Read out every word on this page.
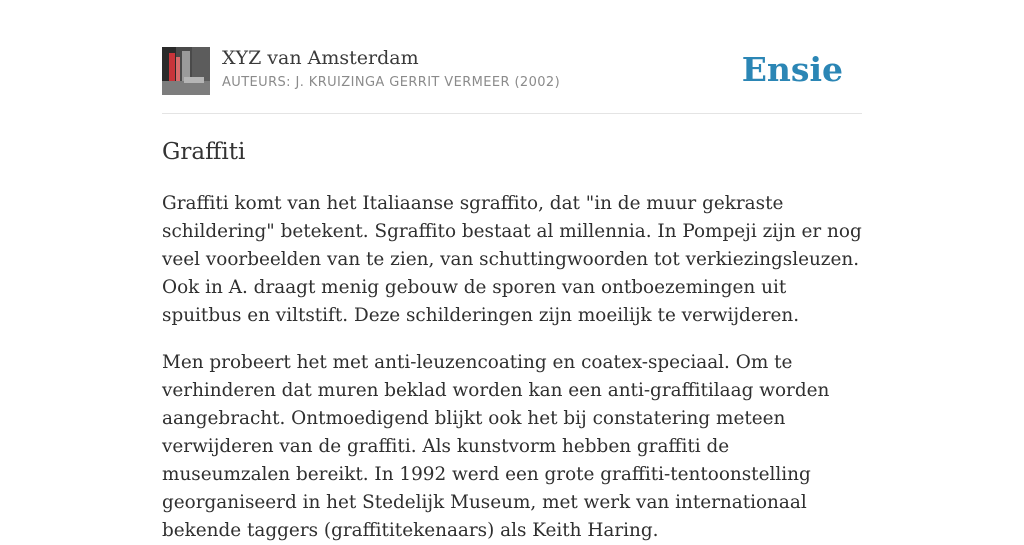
XYZ van Amsterdam
AUTEURS: J. KRUIZINGA GERRIT VERMEER (2002)	Ensie
Graffiti

Graffiti komt van het Italiaanse sgraffito, dat "in de muur gekraste schildering" betekent. Sgraffito bestaat al millennia. In Pompeji zijn er nog veel voorbeelden van te zien, van schuttingwoorden tot verkiezingsleuzen. Ook in A. draagt menig gebouw de sporen van ontboezemingen uit spuitbus en viltstift. Deze schilderingen zijn moeilijk te verwijderen.

Men probeert het met anti-leuzencoating en coatex-speciaal. Om te verhinderen dat muren beklad worden kan een anti-graffitilaag worden aangebracht. Ontmoedigend blijkt ook het bij constatering meteen verwijderen van de graffiti. Als kunstvorm hebben graffiti de museumzalen bereikt. In 1992 werd een grote graffiti-tentoonstelling georganiseerd in het Stedelijk Museum, met werk van internationaal bekende taggers (graffititekenaars) als Keith Haring.
